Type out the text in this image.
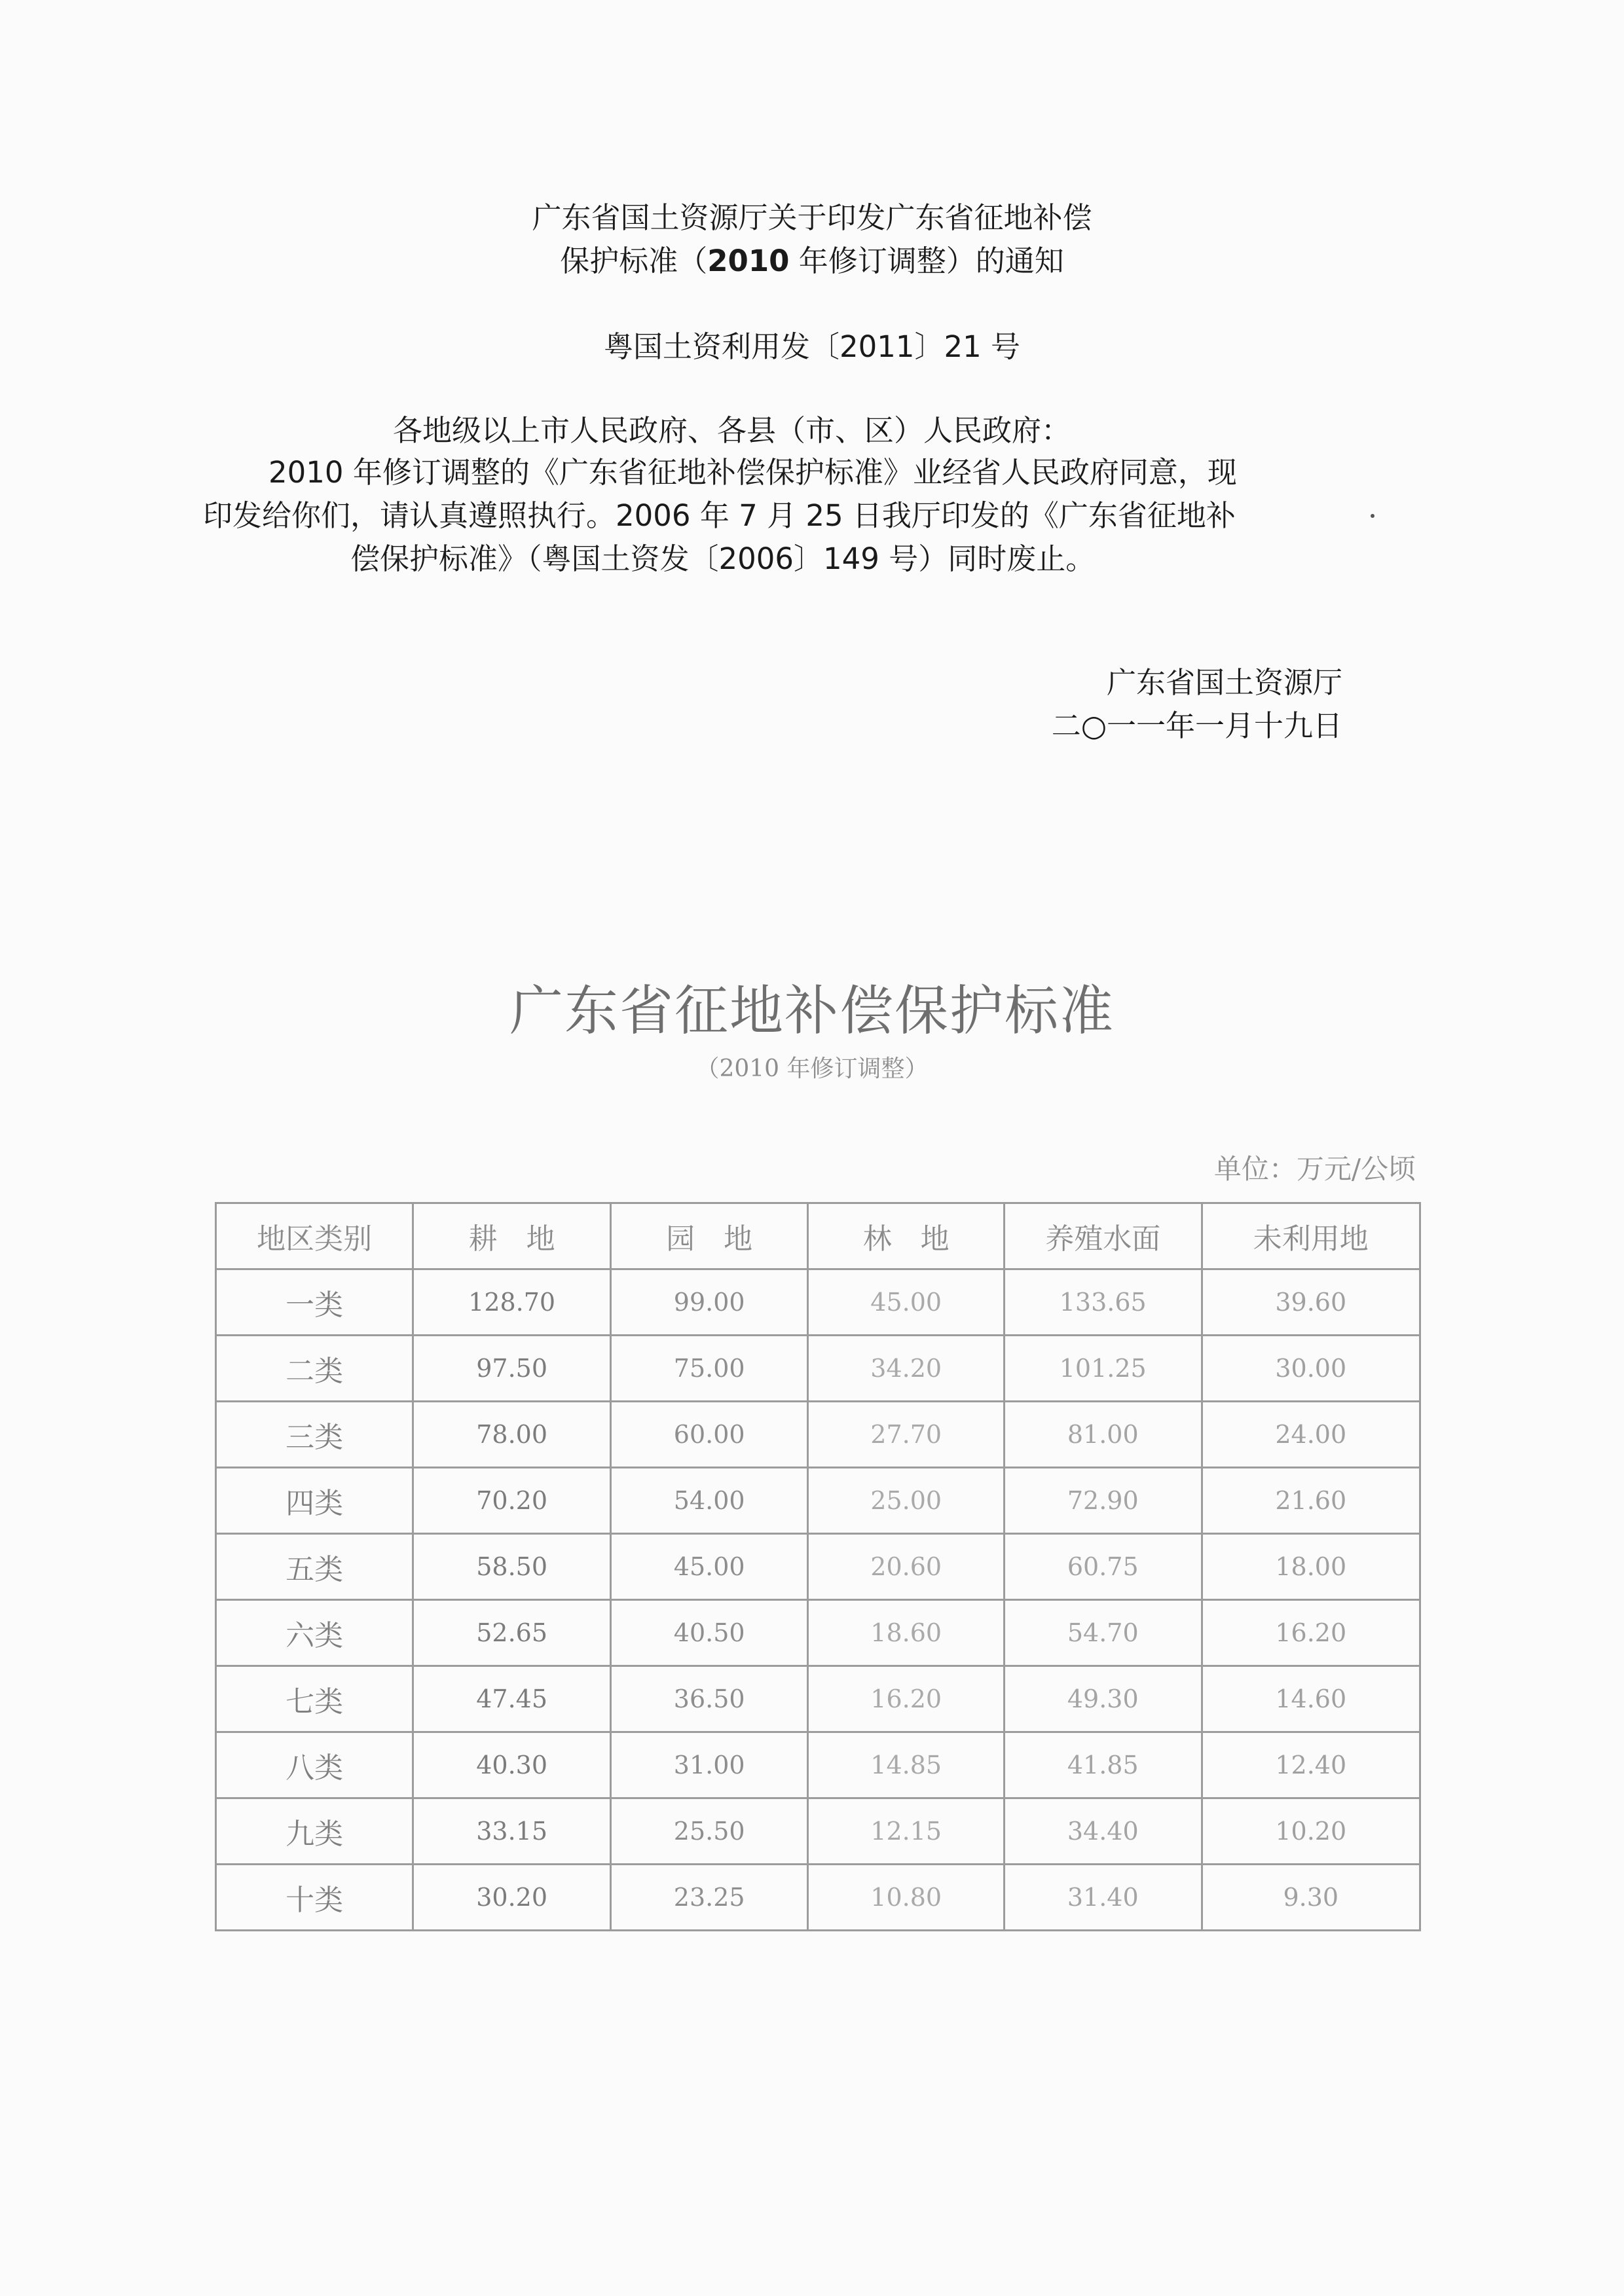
广东省国土资源厅关于印发广东省征地补偿
保护标准（2010 年修订调整）的通知
粤国土资利用发〔2011〕21 号
各地级以上市人民政府、各县（市、区）人民政府：
2010 年修订调整的《广东省征地补偿保护标准》业经省人民政府同意，现
印发给你们，请认真遵照执行。2006 年 7 月 25 日我厅印发的《广东省征地补
偿保护标准》（粤国土资发〔2006〕149 号）同时废止。
广东省国土资源厅
二○一一年一月十九日
广东省征地补偿保护标准
（2010 年修订调整）
单位：万元/公顷
地区类别	耕　地	园　地	林　地	养殖水面	未利用地
一类	128.70	99.00	45.00	133.65	39.60
二类	97.50	75.00	34.20	101.25	30.00
三类	78.00	60.00	27.70	81.00	24.00
四类	70.20	54.00	25.00	72.90	21.60
五类	58.50	45.00	20.60	60.75	18.00
六类	52.65	40.50	18.60	54.70	16.20
七类	47.45	36.50	16.20	49.30	14.60
八类	40.30	31.00	14.85	41.85	12.40
九类	33.15	25.50	12.15	34.40	10.20
十类	30.20	23.25	10.80	31.40	9.30
